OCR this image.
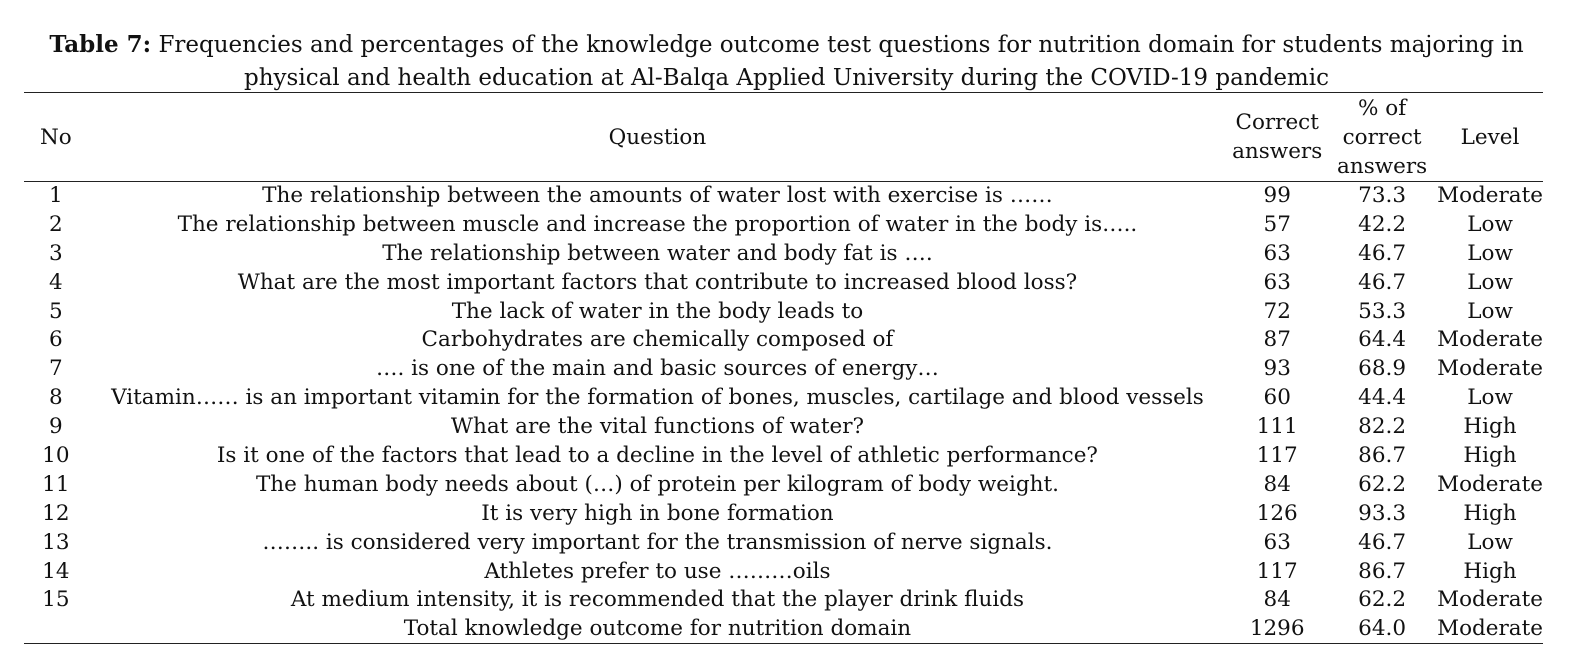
Table 7: Frequencies and percentages of the knowledge outcome test questions for nutrition domain for students majoring in physical and health education at Al-Balqa Applied University during the COVID-19 pandemic
No	Question	Correct answers	% of correct answers	Level
1	The relationship between the amounts of water lost with exercise is ……	99	73.3	Moderate
2	The relationship between muscle and increase the proportion of water in the body is…..	57	42.2	Low
3	The relationship between water and body fat is ….	63	46.7	Low
4	What are the most important factors that contribute to increased blood loss?	63	46.7	Low
5	The lack of water in the body leads to	72	53.3	Low
6	Carbohydrates are chemically composed of	87	64.4	Moderate
7	…. is one of the main and basic sources of energy…	93	68.9	Moderate
8	Vitamin…… is an important vitamin for the formation of bones, muscles, cartilage and blood vessels	60	44.4	Low
9	What are the vital functions of water?	111	82.2	High
10	Is it one of the factors that lead to a decline in the level of athletic performance?	117	86.7	High
11	The human body needs about (…) of protein per kilogram of body weight.	84	62.2	Moderate
12	It is very high in bone formation	126	93.3	High
13	…….. is considered very important for the transmission of nerve signals.	63	46.7	Low
14	Athletes prefer to use ………oils	117	86.7	High
15	At medium intensity, it is recommended that the player drink fluids	84	62.2	Moderate
	Total knowledge outcome for nutrition domain	1296	64.0	Moderate
